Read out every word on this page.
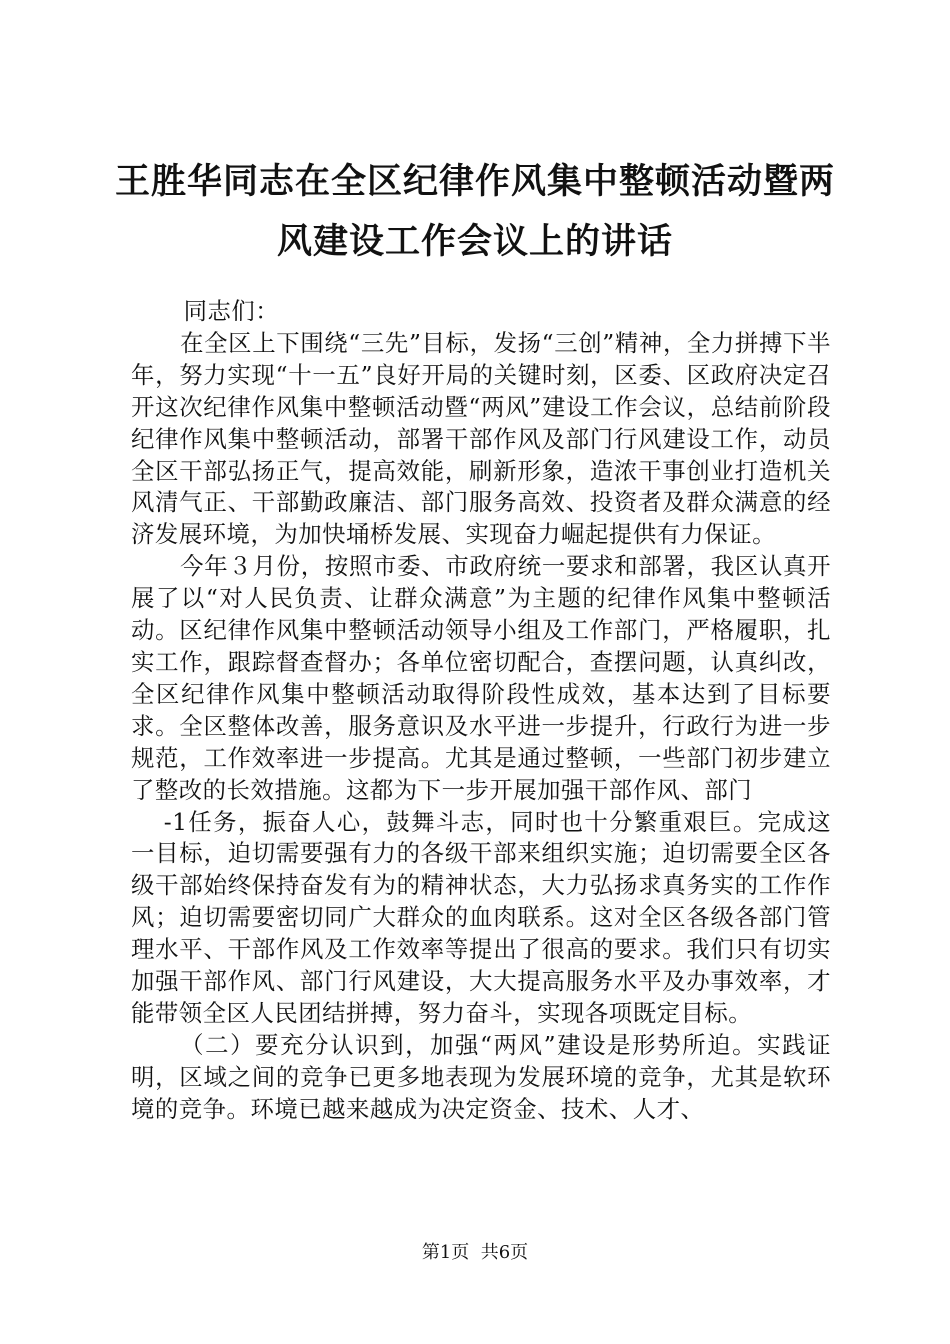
王胜华同志在全区纪律作风集中整顿活动暨两
风建设工作会议上的讲话

同志们：

在全区上下围绕“三先”目标，发扬“三创”精神，全力拼搏下半年，努力实现“十一五”良好开局的关键时刻，区委、区政府决定召开这次纪律作风集中整顿活动暨“两风”建设工作会议，总结前阶段纪律作风集中整顿活动，部署干部作风及部门行风建设工作，动员全区干部弘扬正气，提高效能，刷新形象，造浓干事创业打造机关风清气正、干部勤政廉洁、部门服务高效、投资者及群众满意的经济发展环境，为加快埇桥发展、实现奋力崛起提供有力保证。

今年３月份，按照市委、市政府统一要求和部署，我区认真开展了以“对人民负责、让群众满意”为主题的纪律作风集中整顿活动。区纪律作风集中整顿活动领导小组及工作部门，严格履职，扎实工作，跟踪督查督办；各单位密切配合，查摆问题，认真纠改，全区纪律作风集中整顿活动取得阶段性成效，基本达到了目标要求。全区整体改善，服务意识及水平进一步提升，行政行为进一步规范，工作效率进一步提高。尤其是通过整顿，一些部门初步建立了整改的长效措施。这都为下一步开展加强干部作风、部门

-1任务，振奋人心，鼓舞斗志，同时也十分繁重艰巨。完成这一目标，迫切需要强有力的各级干部来组织实施；迫切需要全区各级干部始终保持奋发有为的精神状态，大力弘扬求真务实的工作作风；迫切需要密切同广大群众的血肉联系。这对全区各级各部门管理水平、干部作风及工作效率等提出了很高的要求。我们只有切实加强干部作风、部门行风建设，大大提高服务水平及办事效率，才能带领全区人民团结拼搏，努力奋斗，实现各项既定目标。

（二）要充分认识到，加强“两风”建设是形势所迫。实践证明，区域之间的竞争已更多地表现为发展环境的竞争，尤其是软环境的竞争。环境已越来越成为决定资金、技术、人才、

第1页  共6页
